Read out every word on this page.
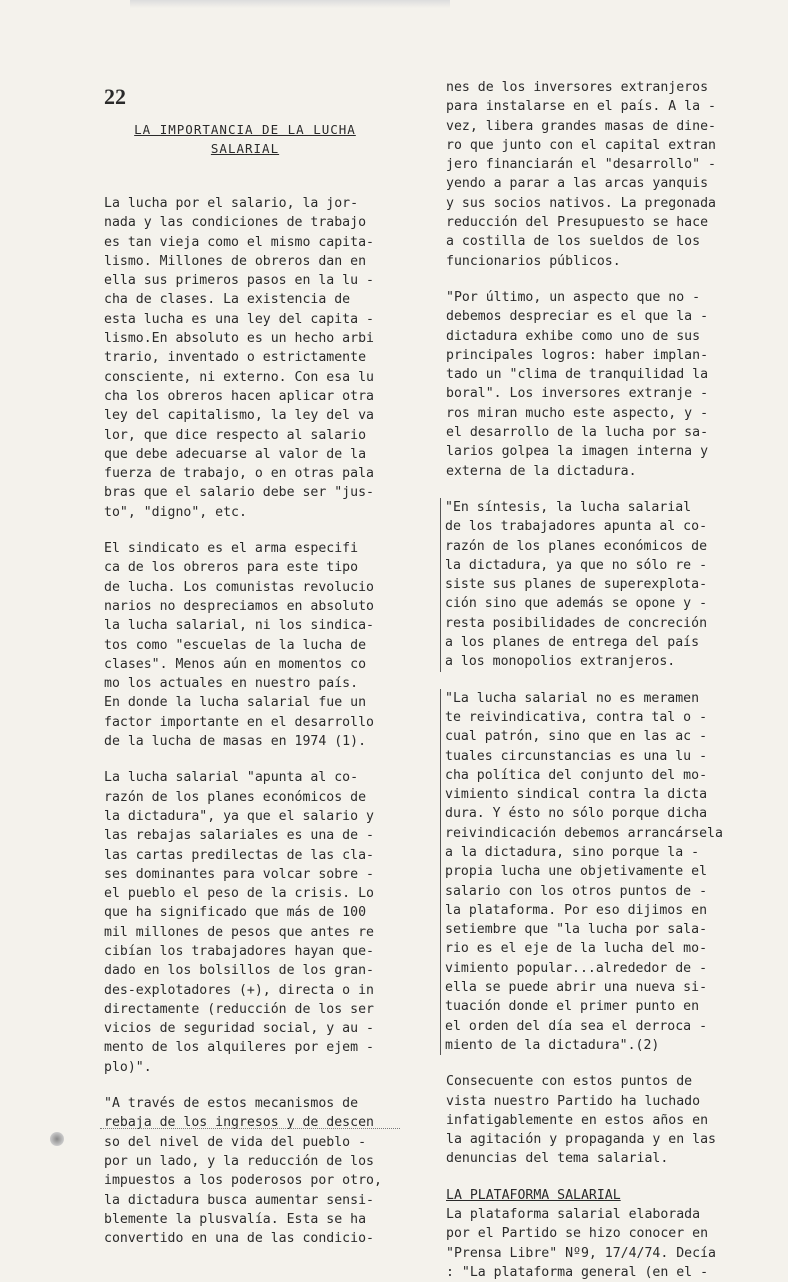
22
LA IMPORTANCIA DE LA LUCHA
SALARIAL
La lucha por el salario, la jor-
nada y las condiciones de trabajo
es tan vieja como el mismo capita-
lismo. Millones de obreros dan en
ella sus primeros pasos en la lu -
cha de clases. La existencia de
esta lucha es una ley del capita -
lismo.En absoluto es un hecho arbi
trario, inventado o estrictamente
consciente, ni externo. Con esa lu
cha los obreros hacen aplicar otra
ley del capitalismo, la ley del va
lor, que dice respecto al salario
que debe adecuarse al valor de la
fuerza de trabajo, o en otras pala
bras que el salario debe ser "jus-
to", "digno", etc.
El sindicato es el arma especifi
ca de los obreros para este tipo
de lucha. Los comunistas revolucio
narios no despreciamos en absoluto
la lucha salarial, ni los sindica-
tos como "escuelas de la lucha de
clases". Menos aún en momentos co
mo los actuales en nuestro país.
En donde la lucha salarial fue un
factor importante en el desarrollo
de la lucha de masas en 1974 (1).
La lucha salarial "apunta al co-
razón de los planes económicos de
la dictadura", ya que el salario y
las rebajas salariales es una de -
las cartas predilectas de las cla-
ses dominantes para volcar sobre -
el pueblo el peso de la crisis. Lo
que ha significado que más de 100
mil millones de pesos que antes re
cibían los trabajadores hayan que-
dado en los bolsillos de los gran-
des-explotadores (+), directa o in
directamente (reducción de los ser
vicios de seguridad social, y au -
mento de los alquileres por ejem -
plo)".
"A través de estos mecanismos de
rebaja de los ingresos y de descen
so del nivel de vida del pueblo -
por un lado, y la reducción de los
impuestos a los poderosos por otro,
la dictadura busca aumentar sensi-
blemente la plusvalía. Esta se ha
convertido en una de las condicio-
nes de los inversores extranjeros
para instalarse en el país. A la -
vez, libera grandes masas de dine-
ro que junto con el capital extran
jero financiarán el "desarrollo" -
yendo a parar a las arcas yanquis
y sus socios nativos. La pregonada
reducción del Presupuesto se hace
a costilla de los sueldos de los
funcionarios públicos.
"Por último, un aspecto que no -
debemos despreciar es el que la -
dictadura exhibe como uno de sus
principales logros: haber implan-
tado un "clima de tranquilidad la
boral". Los inversores extranje -
ros miran mucho este aspecto, y -
el desarrollo de la lucha por sa-
larios golpea la imagen interna y
externa de la dictadura.
"En síntesis, la lucha salarial
de los trabajadores apunta al co-
razón de los planes económicos de
la dictadura, ya que no sólo re -
siste sus planes de superexplota-
ción sino que además se opone y -
resta posibilidades de concreción
a los planes de entrega del país
a los monopolios extranjeros.
"La lucha salarial no es meramen
te reivindicativa, contra tal o -
cual patrón, sino que en las ac -
tuales circunstancias es una lu -
cha política del conjunto del mo-
vimiento sindical contra la dicta
dura. Y ésto no sólo porque dicha
reivindicación debemos arrancársela
a la dictadura, sino porque la -
propia lucha une objetivamente el
salario con los otros puntos de -
la plataforma. Por eso dijimos en
setiembre que "la lucha por sala-
rio es el eje de la lucha del mo-
vimiento popular...alrededor de -
ella se puede abrir una nueva si-
tuación donde el primer punto en
el orden del día sea el derroca -
miento de la dictadura".(2)
Consecuente con estos puntos de
vista nuestro Partido ha luchado
infatigablemente en estos años en
la agitación y propaganda y en las
denuncias del tema salarial.
LA PLATAFORMA SALARIAL
La plataforma salarial elaborada
por el Partido se hizo conocer en
"Prensa Libre" Nº9, 17/4/74. Decía
: "La plataforma general (en el -
